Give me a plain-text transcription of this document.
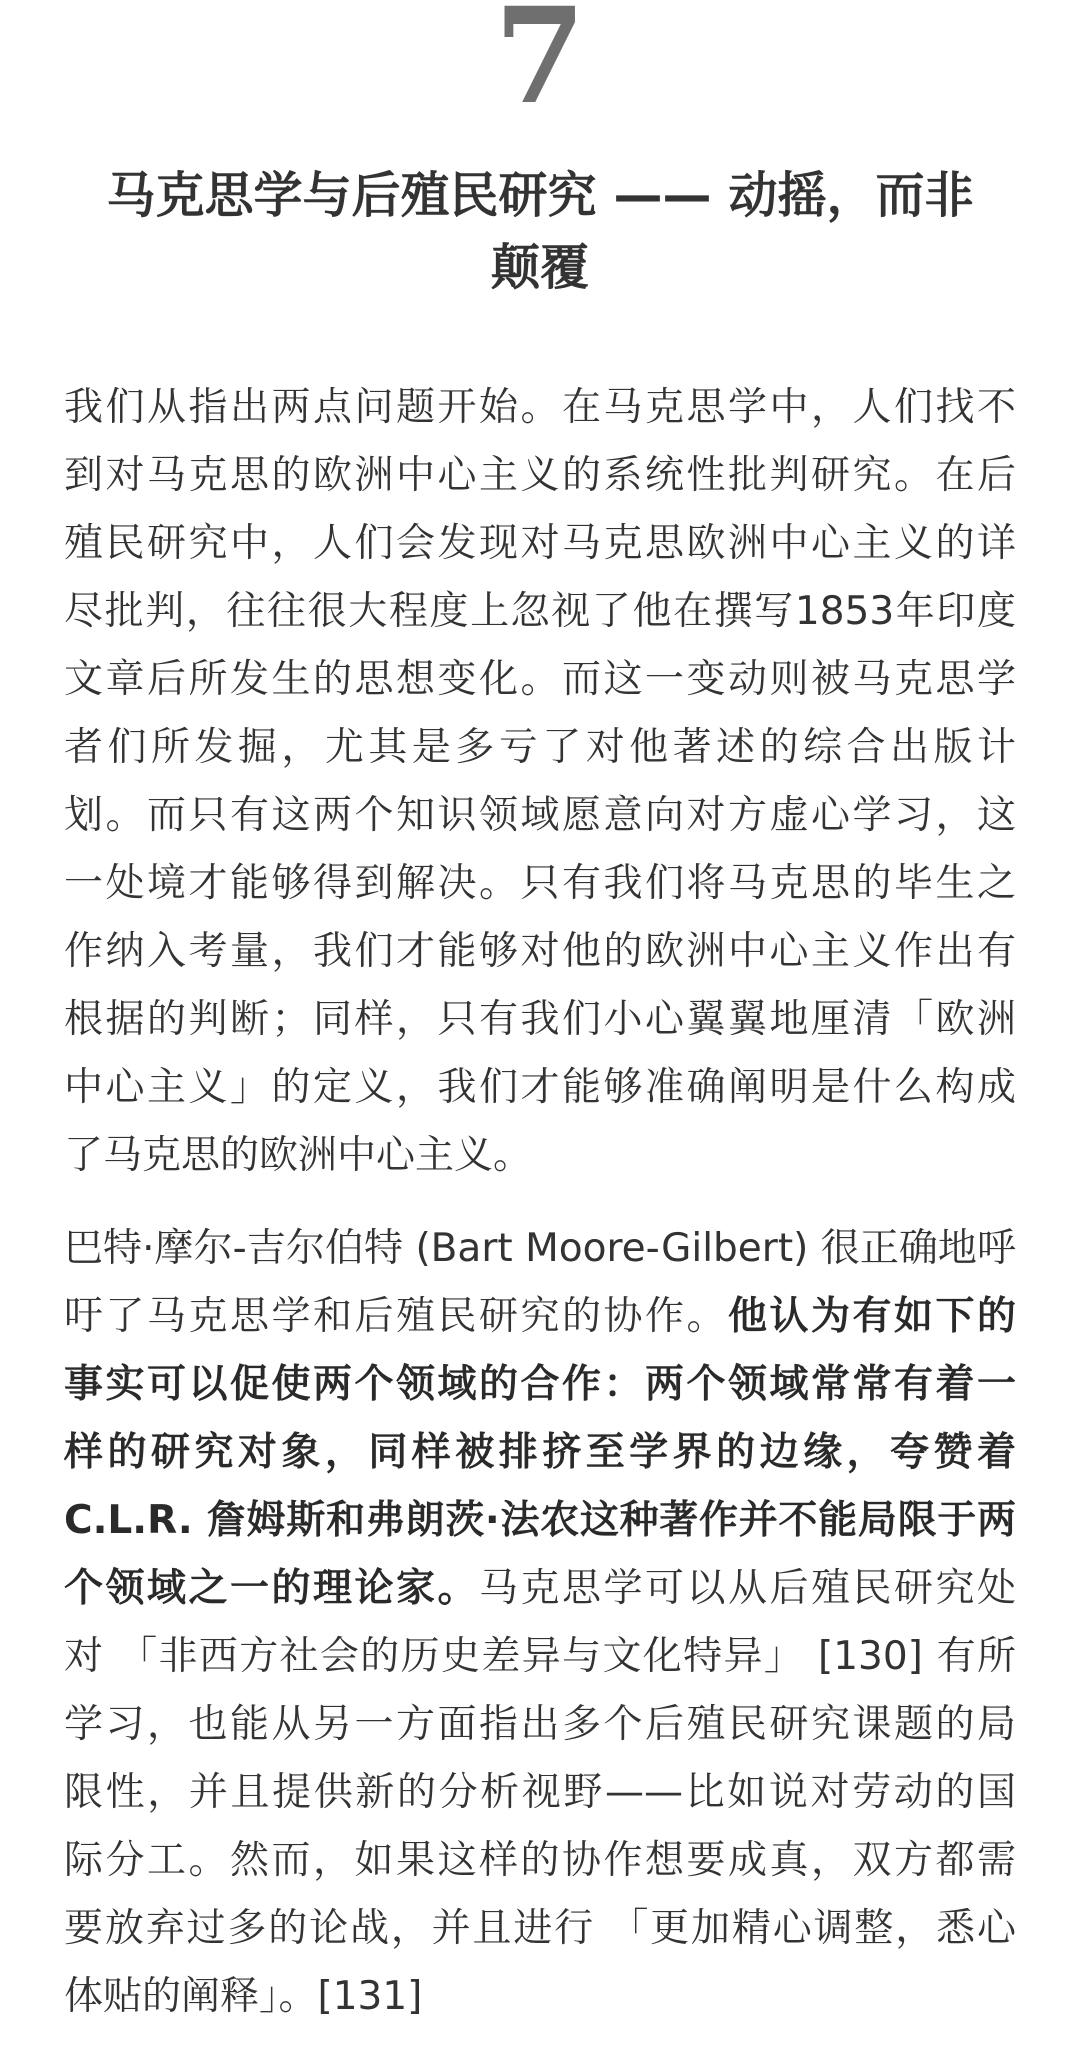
7
马克思学与后殖民研究 —— 动摇，而非
颠覆

我们从指出两点问题开始。在马克思学中，人们找不
到对马克思的欧洲中心主义的系统性批判研究。在后
殖民研究中，人们会发现对马克思欧洲中心主义的详
尽批判，往往很大程度上忽视了他在撰写1853年印度
文章后所发生的思想变化。而这一变动则被马克思学
者们所发掘，尤其是多亏了对他著述的综合出版计
划。而只有这两个知识领域愿意向对方虚心学习，这
一处境才能够得到解决。只有我们将马克思的毕生之
作纳入考量，我们才能够对他的欧洲中心主义作出有
根据的判断；同样，只有我们小心翼翼地厘清「欧洲
中心主义」的定义，我们才能够准确阐明是什么构成
了马克思的欧洲中心主义。

巴特·摩尔-吉尔伯特 (Bart Moore-Gilbert) 很正确地呼
吁了马克思学和后殖民研究的协作。他认为有如下的
事实可以促使两个领域的合作：两个领域常常有着一
样的研究对象，同样被排挤至学界的边缘，夸赞着
C.L.R. 詹姆斯和弗朗茨·法农这种著作并不能局限于两
个领域之一的理论家。马克思学可以从后殖民研究处
对 「非西方社会的历史差异与文化特异」 [130] 有所
学习，也能从另一方面指出多个后殖民研究课题的局
限性，并且提供新的分析视野——比如说对劳动的国
际分工。然而，如果这样的协作想要成真，双方都需
要放弃过多的论战，并且进行 「更加精心调整，悉心
体贴的阐释」。[131]
